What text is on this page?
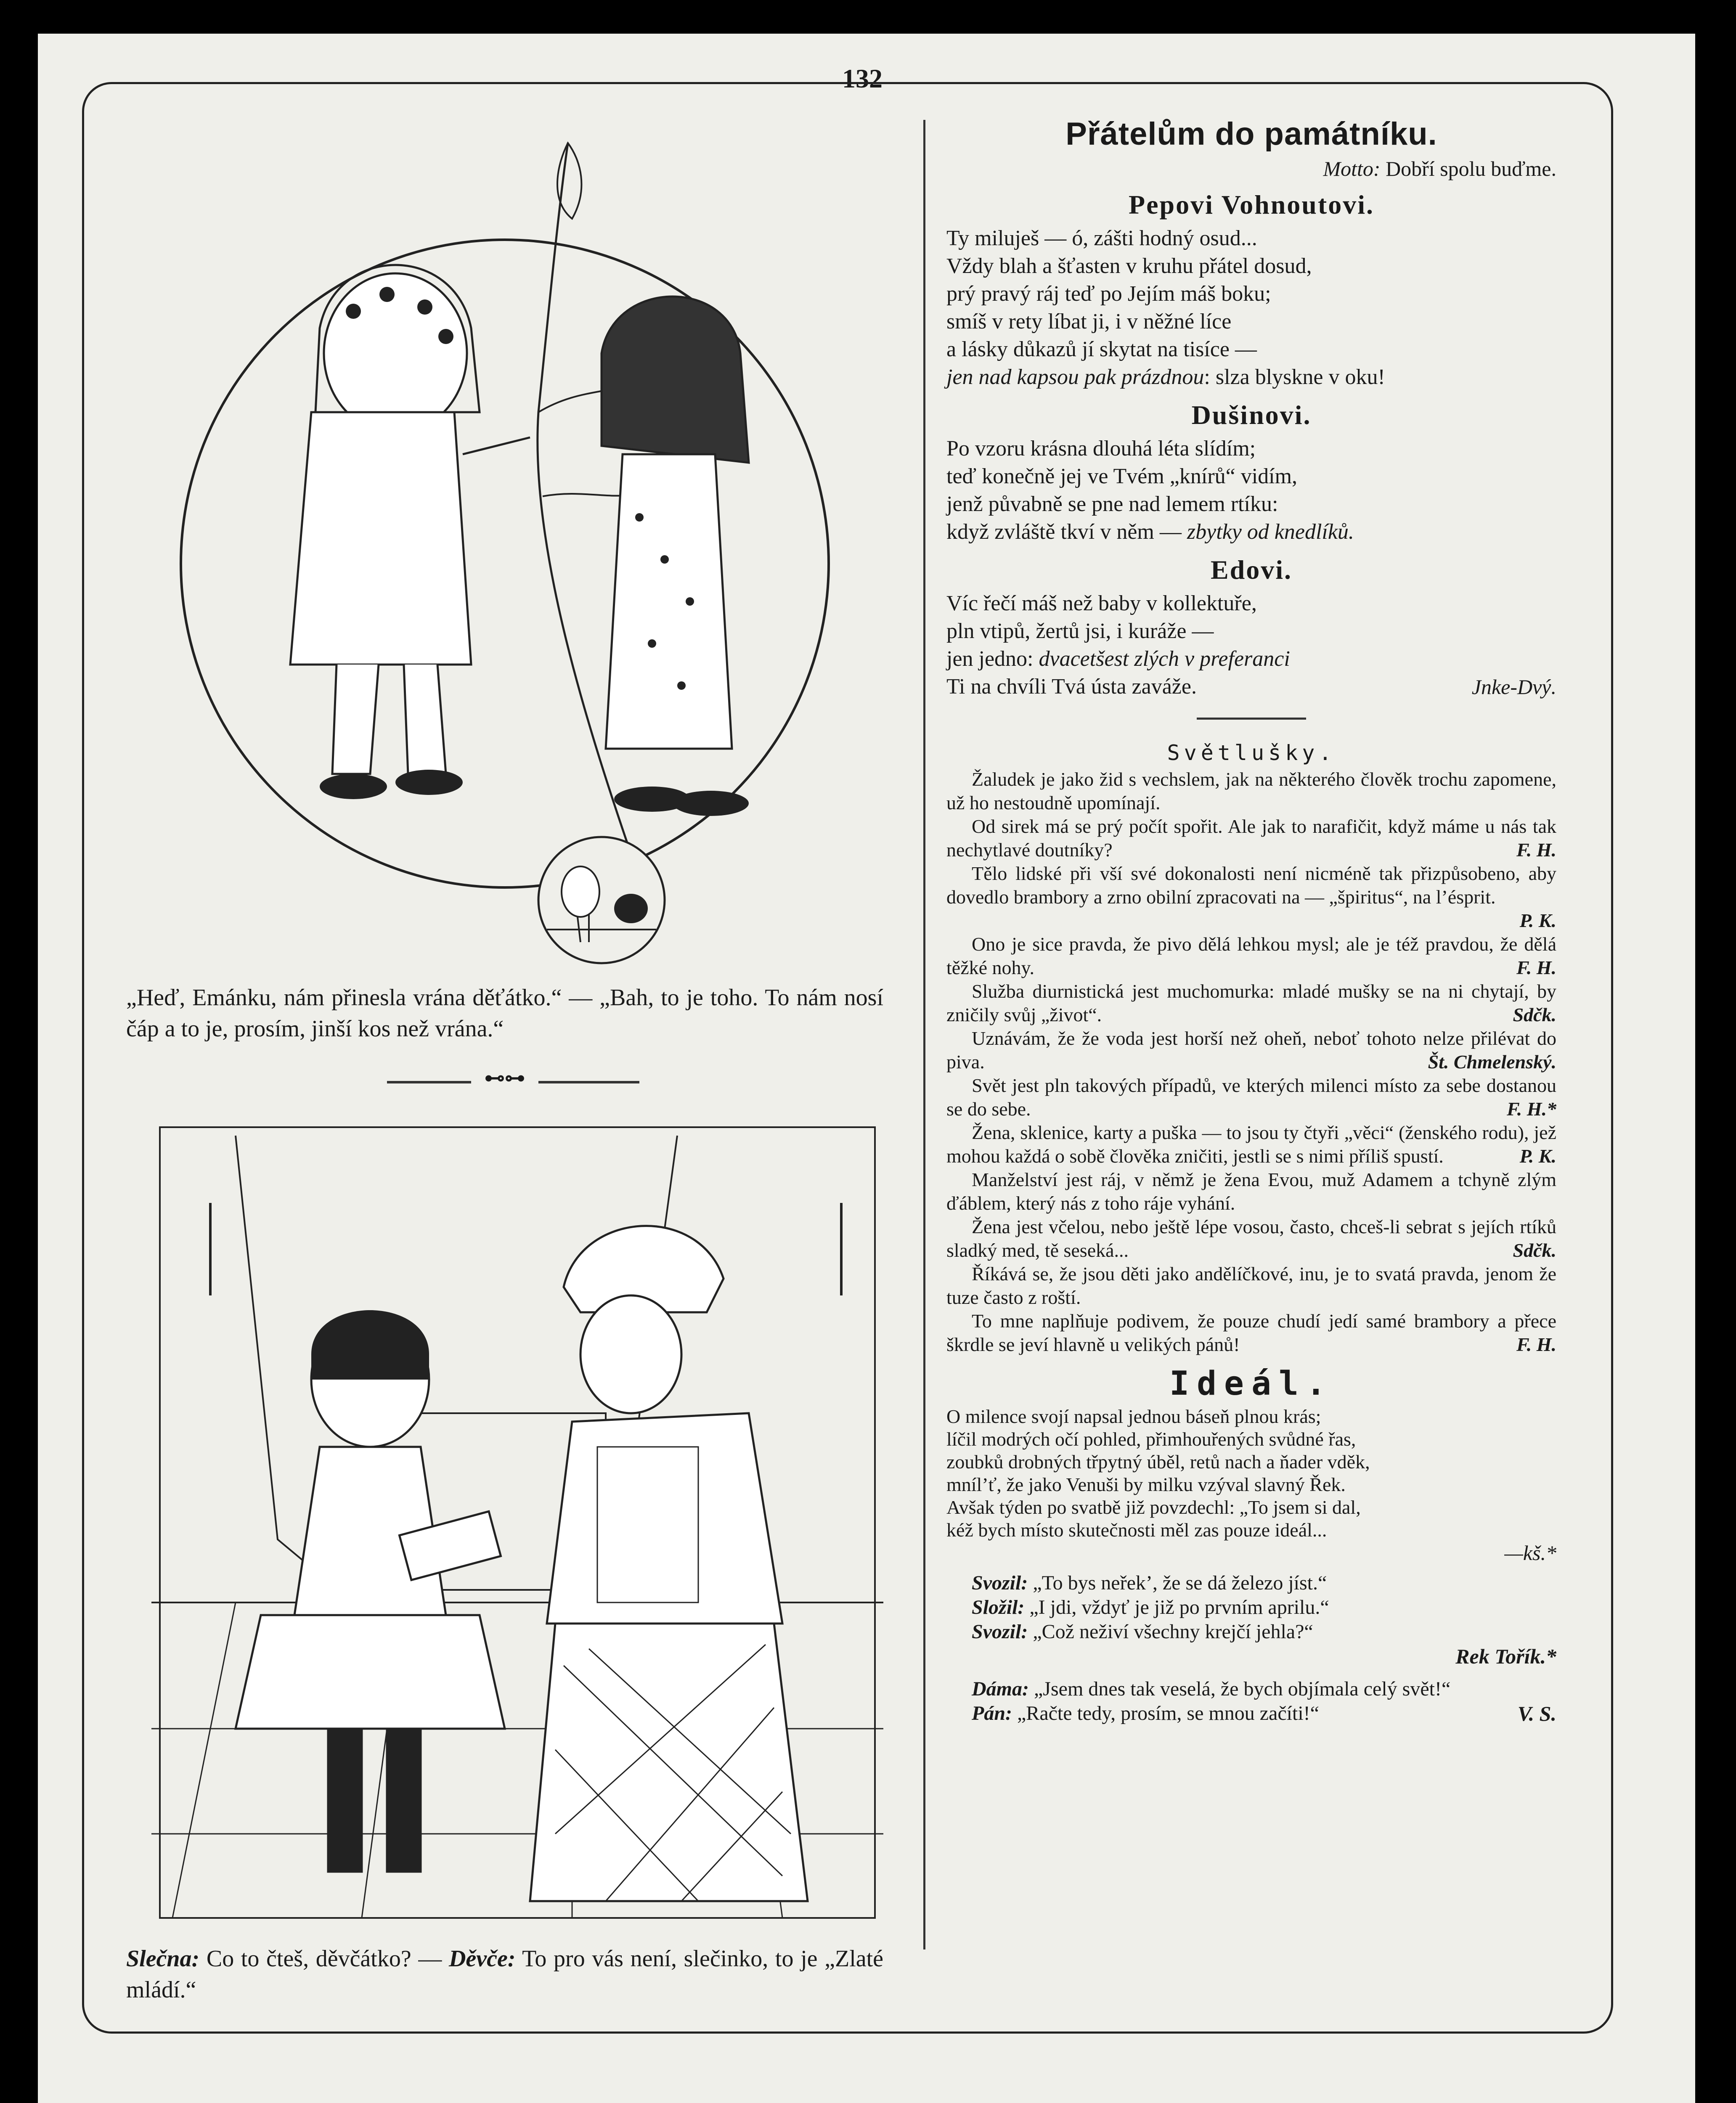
132
„Heď, Emánku, nám přinesla vrána děťátko.“ — „Bah, to je toho. To nám nosí čáp a to je, prosím, jinší kos než vrána.“
⊷⊶
Slečna: Co to čteš, děvčátko? — Děvče: To pro vás není, slečinko, to je „Zlaté mládí.“
Přátelům do památníku.
Motto: Dobří spolu buďme.
Pepovi Vohnoutovi.
Ty miluješ — ó, zášti hodný osud...
Vždy blah a šťasten v kruhu přátel dosud,
prý pravý ráj teď po Jejím máš boku;
smíš v rety líbat ji, i v něžné líce
a lásky důkazů jí skytat na tisíce —
jen nad kapsou pak prázdnou: slza blyskne v oku!
Dušinovi.
Po vzoru krásna dlouhá léta slídím;
teď konečně jej ve Tvém „knírů“ vidím,
jenž půvabně se pne nad lemem rtíku:
když zvláště tkví v něm — zbytky od knedlíků.
Edovi.
Víc řečí máš než baby v kollektuře,
pln vtipů, žertů jsi, i kuráže —
jen jedno: dvacetšest zlých v preferanci
Ti na chvíli Tvá ústa zaváže.	Jnke-Dvý.
Světlušky.
Žaludek je jako žid s vechslem, jak na některého člověk trochu zapomene, už ho nestoudně upomínají.
Od sirek má se prý počít spořit. Ale jak to narafičit, když máme u nás tak nechytlavé doutníky?	F. H.
Tělo lidské při vší své dokonalosti není nicméně tak přizpůsobeno, aby dovedlo brambory a zrno obilní zpracovati na — „špiritus“, na l’ésprit.
P. K.
Ono je sice pravda, že pivo dělá lehkou mysl; ale je též pravdou, že dělá těžké nohy.	F. H.
Služba diurnistická jest muchomurka: mladé mušky se na ni chytají, by zničily svůj „život“.	Sdčk.
Uznávám, že že voda jest horší než oheň, neboť tohoto nelze přilévat do piva.	Št. Chmelenský.
Svět jest pln takových případů, ve kterých milenci místo za sebe dostanou se do sebe.	F. H.*
Žena, sklenice, karty a puška — to jsou ty čtyři „věci“ (ženského rodu), jež mohou každá o sobě člověka zničiti, jestli se s nimi příliš spustí.	P. K.
Manželství jest ráj, v němž je žena Evou, muž Adamem a tchyně zlým ďáblem, který nás z toho ráje vyhání.
Žena jest včelou, nebo ještě lépe vosou, často, chceš-li sebrat s jejích rtíků sladký med, tě seseká...	Sdčk.
Říkává se, že jsou děti jako andělíčkové, inu, je to svatá pravda, jenom že tuze často z roští.
To mne naplňuje podivem, že pouze chudí jedí samé brambory a přece škrdle se jeví hlavně u velikých pánů!	F. H.
Ideál.
O milence svojí napsal jednou báseň plnou krás;
líčil modrých očí pohled, přimhouřených svůdné řas,
zoubků drobných třpytný úběl, retů nach a ňader vděk,
mníl’ť, že jako Venuši by milku vzýval slavný Řek.
Avšak týden po svatbě již povzdechl: „To jsem si dal,
kéž bych místo skutečnosti měl zas pouze ideál...
—kš.*
Svozil: „To bys neřek’, že se dá železo jíst.“
Složil: „I jdi, vždyť je již po prvním aprilu.“
Svozil: „Což neživí všechny krejčí jehla?“
Rek Tořík.*
Dáma: „Jsem dnes tak veselá, že bych objímala celý svět!“
Pán: „Račte tedy, prosím, se mnou začíti!“	V. S.
